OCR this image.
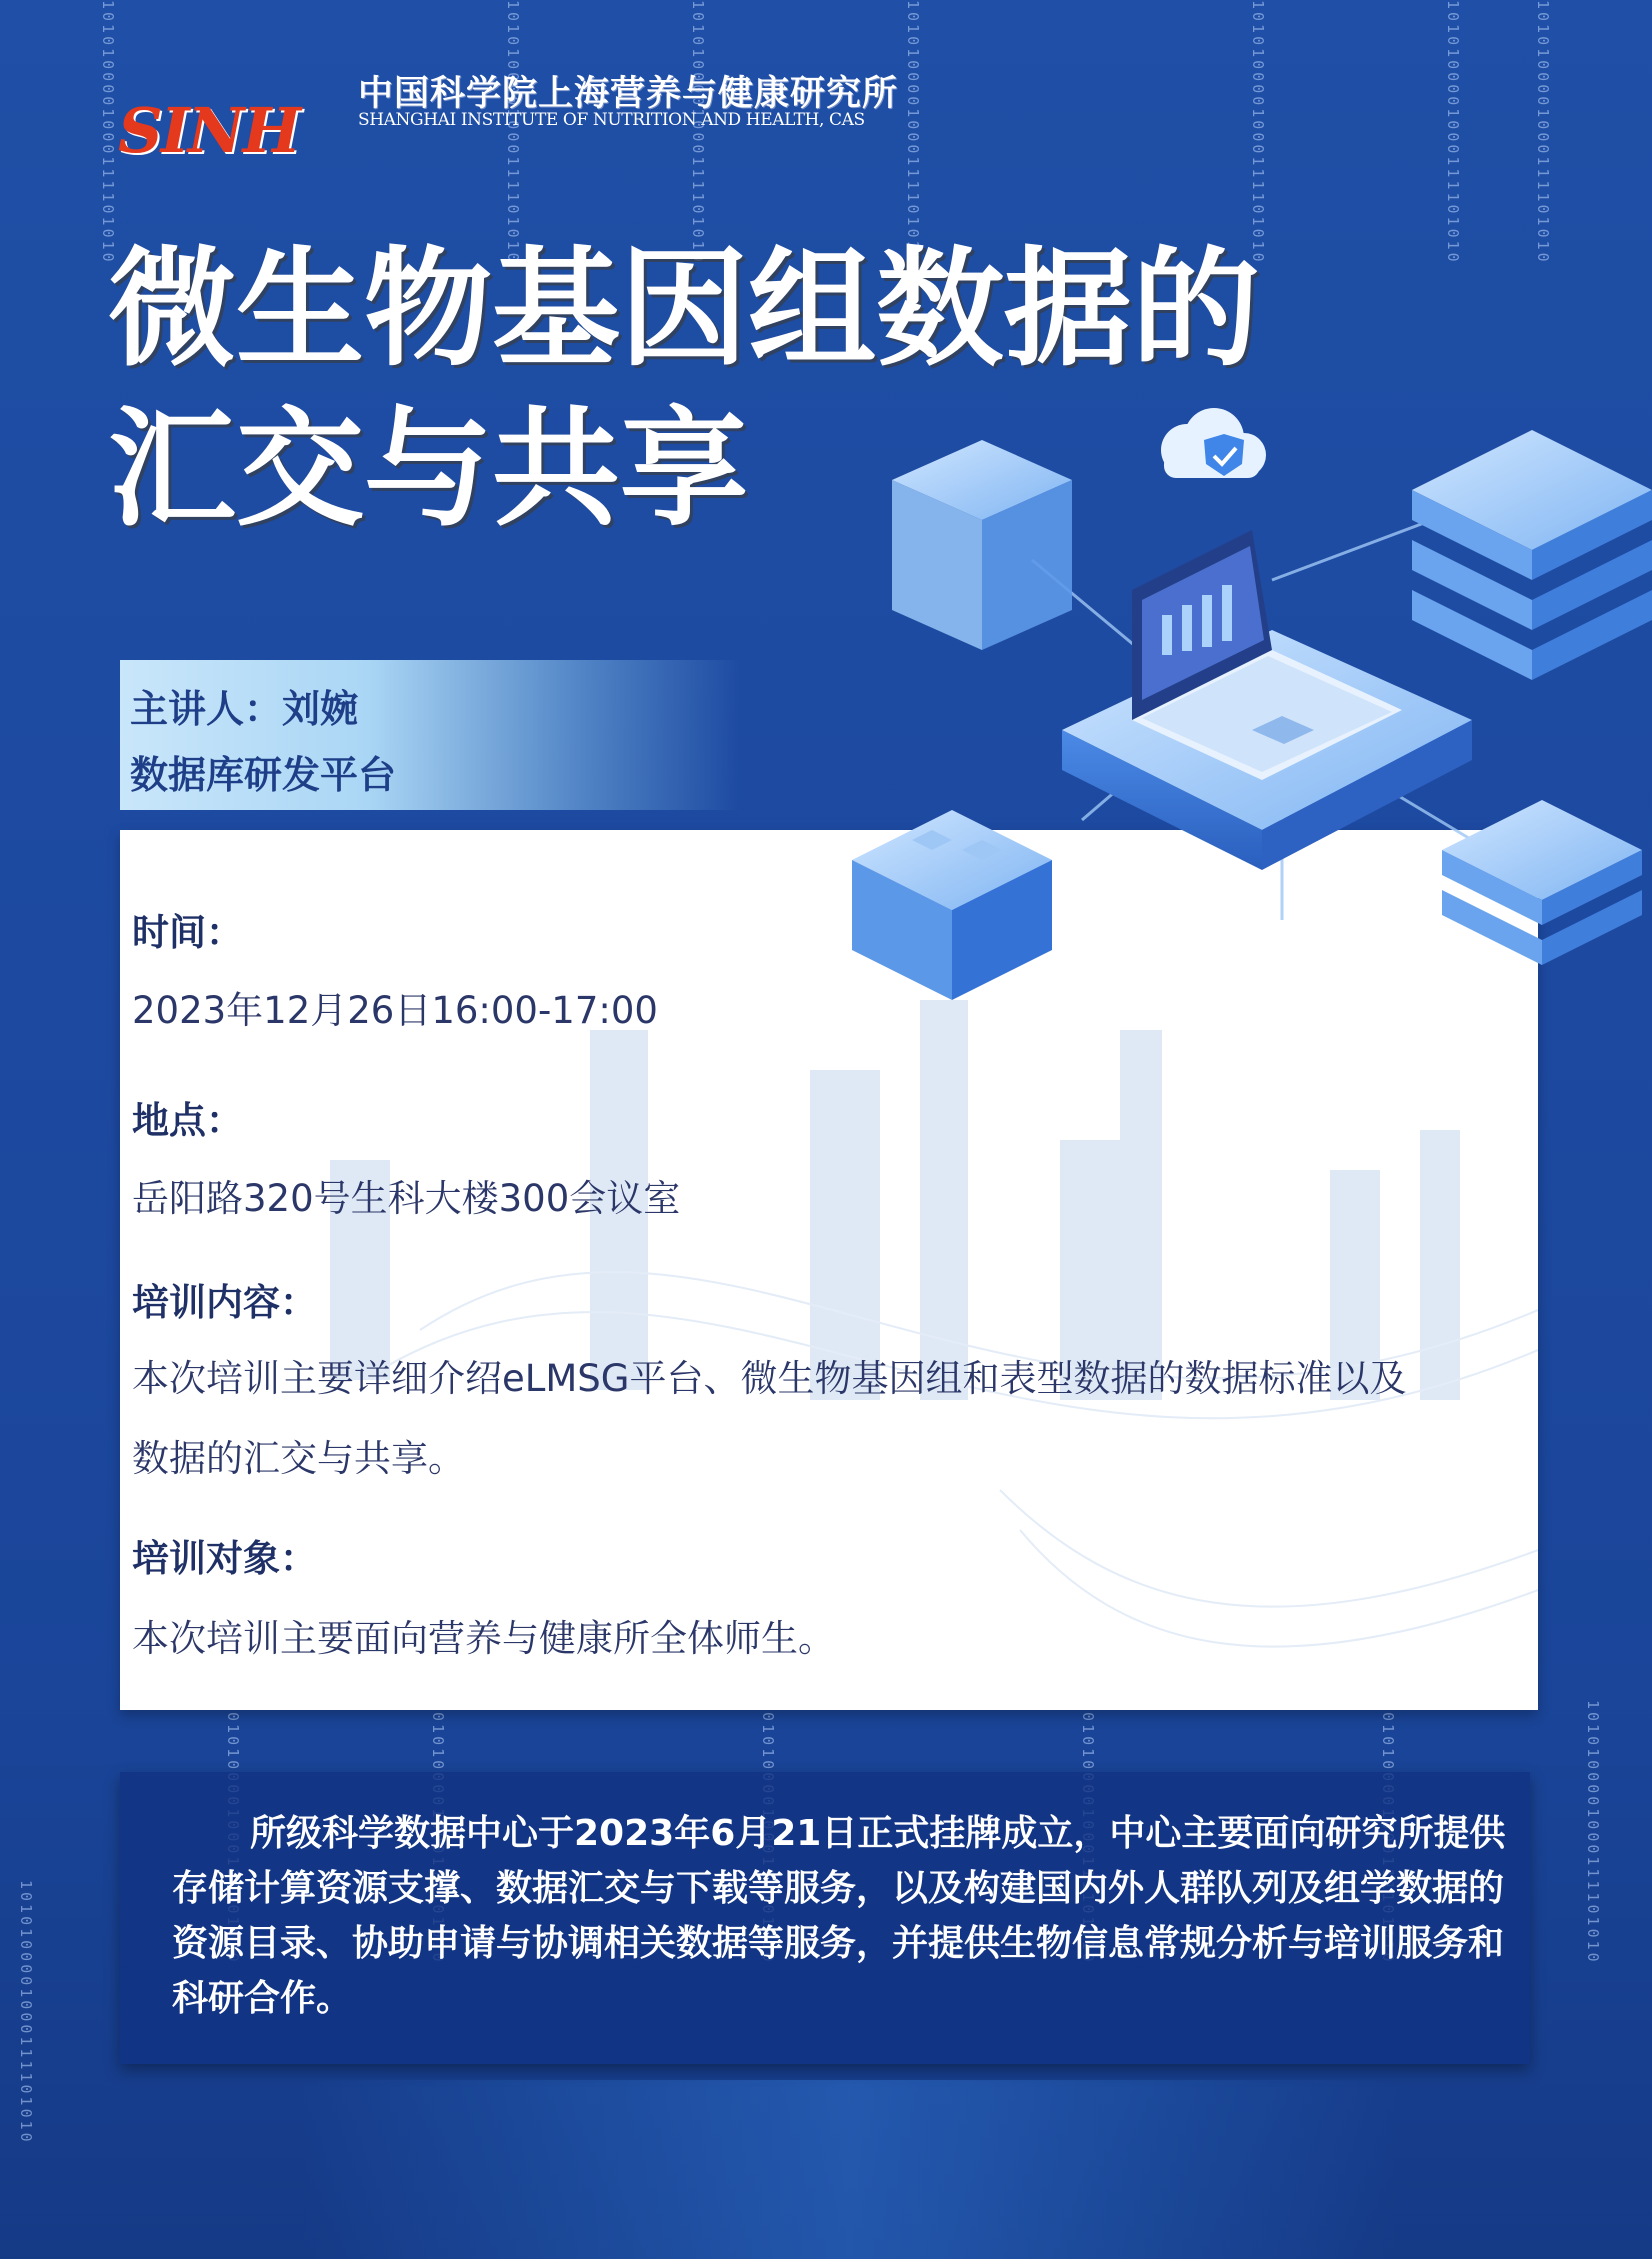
1010100001000111101010	1010100001000111101010	1010100001000111101010	1010100001000111101010	1010100001000111101010	1010100001000111101010	1010100001000111101010
1010100001000111101010
1010100001000111101010
SINH 中国科学院上海营养与健康研究所
SHANGHAI INSTITUTE OF NUTRITION AND HEALTH, CAS
微生物基因组数据的
汇交与共享
主讲人：刘婉
数据库研发平台
时间：
2023年12月26日16:00-17:00
地点：
岳阳路320号生科大楼300会议室
培训内容：
本次培训主要详细介绍eLMSG平台、微生物基因组和表型数据的数据标准以及
数据的汇交与共享。
培训对象：
本次培训主要面向营养与健康所全体师生。

所级科学数据中心于2023年6月21日正式挂牌成立，中心主要面向研究所提供存储计算资源支撑、数据汇交与下载等服务，以及构建国内外人群队列及组学数据的资源目录、协助申请与协调相关数据等服务，并提供生物信息常规分析与培训服务和科研合作。
